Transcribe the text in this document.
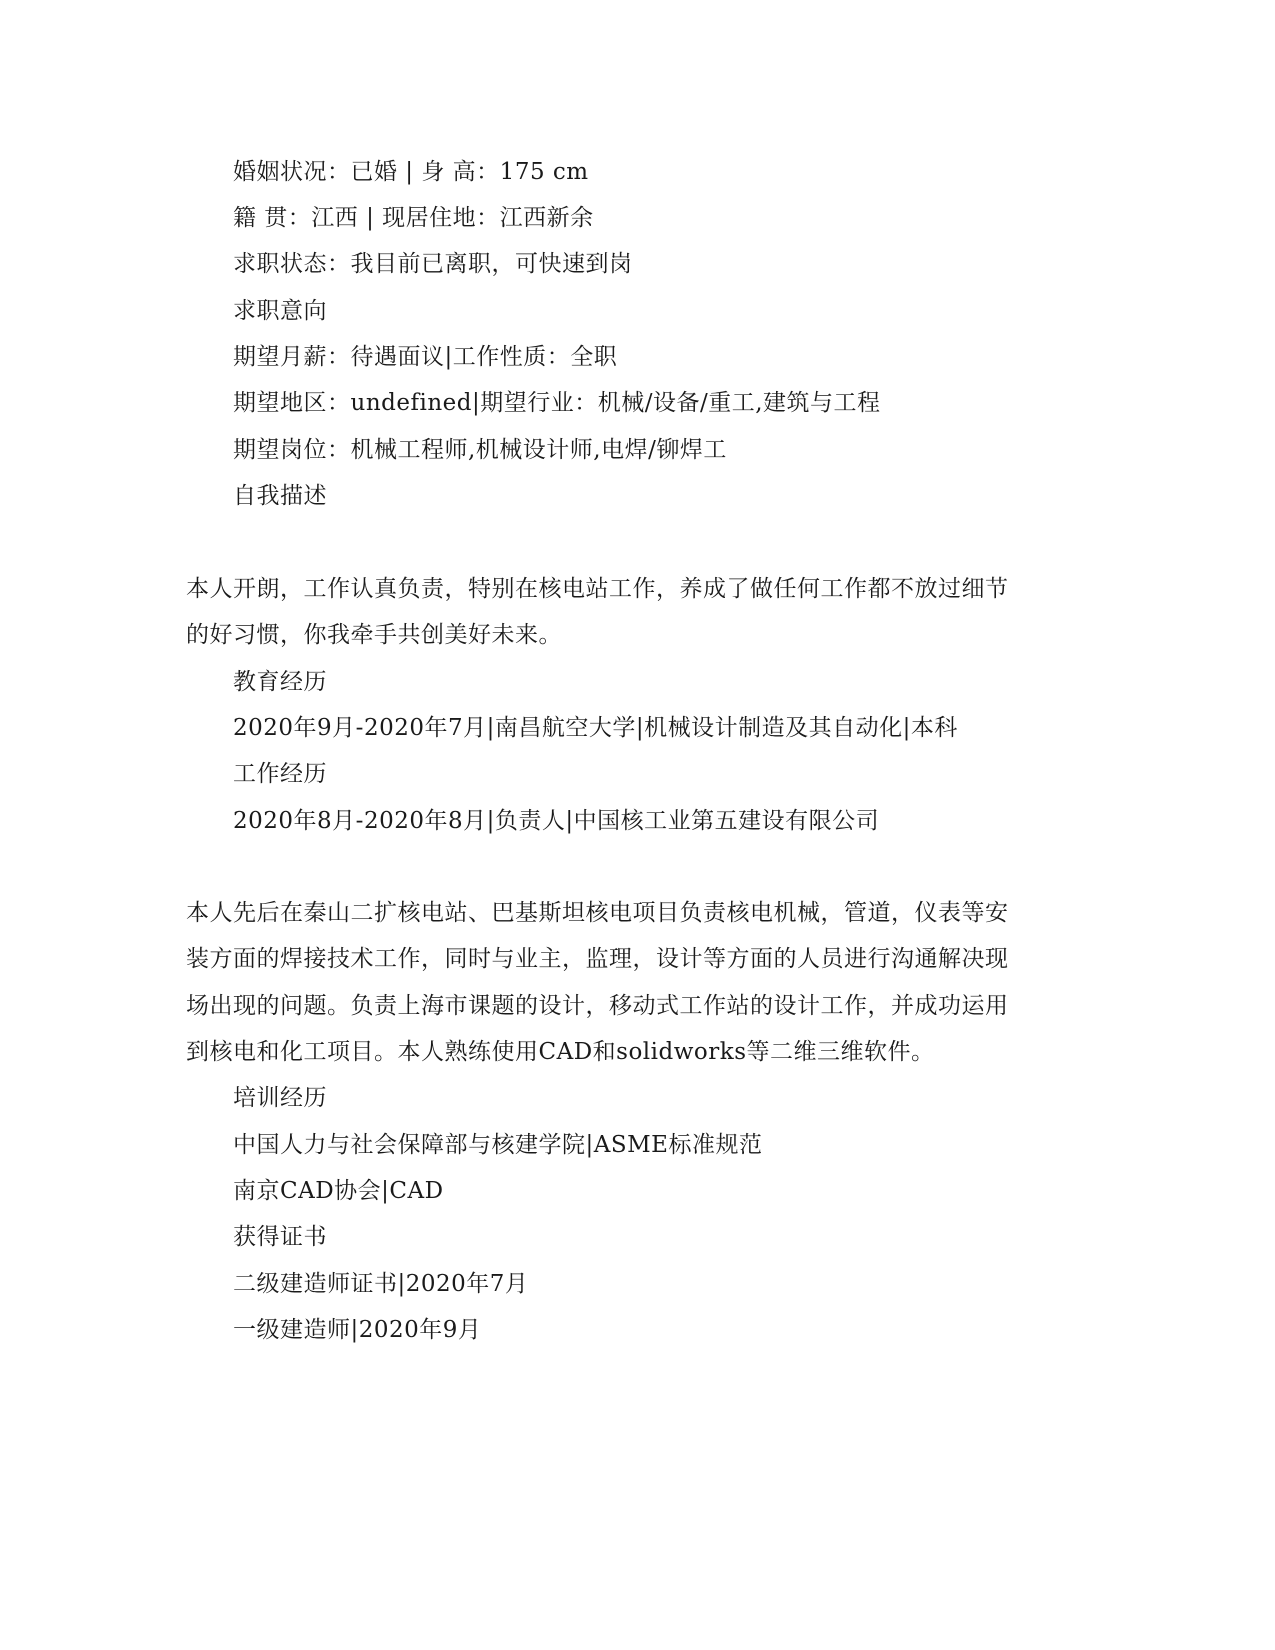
婚姻状况：已婚 | 身 高：175 cm
籍 贯：江西 | 现居住地：江西新余
求职状态：我目前已离职，可快速到岗
求职意向
期望月薪：待遇面议|工作性质：全职
期望地区：undefined|期望行业：机械/设备/重工,建筑与工程
期望岗位：机械工程师,机械设计师,电焊/铆焊工
自我描述
本人开朗，工作认真负责，特别在核电站工作，养成了做任何工作都不放过细节
的好习惯，你我牵手共创美好未来。
教育经历
2020年9月-2020年7月|南昌航空大学|机械设计制造及其自动化|本科
工作经历
2020年8月-2020年8月|负责人|中国核工业第五建设有限公司
本人先后在秦山二扩核电站、巴基斯坦核电项目负责核电机械，管道，仪表等安
装方面的焊接技术工作，同时与业主，监理，设计等方面的人员进行沟通解决现
场出现的问题。负责上海市课题的设计，移动式工作站的设计工作，并成功运用
到核电和化工项目。本人熟练使用CAD和solidworks等二维三维软件。
培训经历
中国人力与社会保障部与核建学院|ASME标准规范
南京CAD协会|CAD
获得证书
二级建造师证书|2020年7月
一级建造师|2020年9月
